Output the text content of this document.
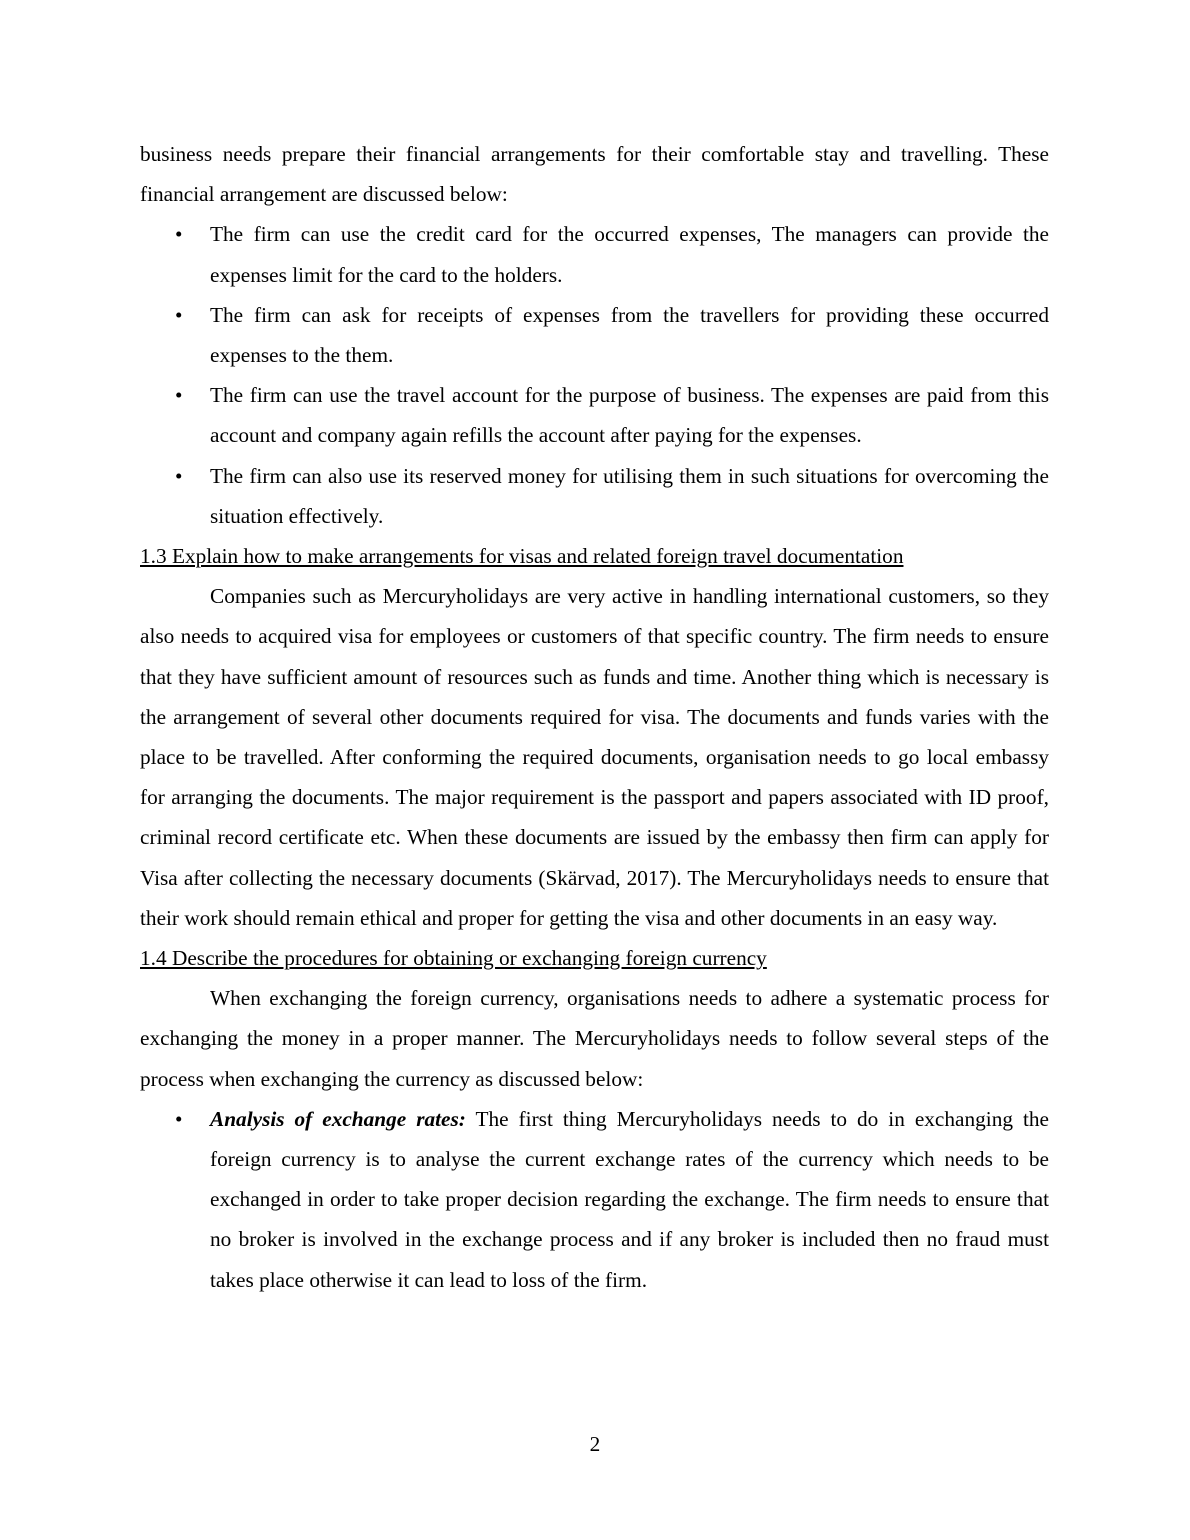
business needs prepare their financial arrangements for their comfortable stay and travelling. These financial arrangement are discussed below:

• The firm can use the credit card for the occurred expenses, The managers can provide the expenses limit for the card to the holders.
• The firm can ask for receipts of expenses from the travellers for providing these occurred expenses to the them.
• The firm can use the travel account for the purpose of business. The expenses are paid from this account and company again refills the account after paying for the expenses.
• The firm can also use its reserved money for utilising them in such situations for overcoming the situation effectively.

1.3 Explain how to make arrangements for visas and related foreign travel documentation

Companies such as Mercuryholidays are very active in handling international customers, so they also needs to acquired visa for employees or customers of that specific country. The firm needs to ensure that they have sufficient amount of resources such as funds and time. Another thing which is necessary is the arrangement of several other documents required for visa. The documents and funds varies with the place to be travelled. After conforming the required documents, organisation needs to go local embassy for arranging the documents. The major requirement is the passport and papers associated with ID proof, criminal record certificate etc. When these documents are issued by the embassy then firm can apply for Visa after collecting the necessary documents (Skärvad, 2017). The Mercuryholidays needs to ensure that their work should remain ethical and proper for getting the visa and other documents in an easy way.

1.4 Describe the procedures for obtaining or exchanging foreign currency

When exchanging the foreign currency, organisations needs to adhere a systematic process for exchanging the money in a proper manner. The Mercuryholidays needs to follow several steps of the process when exchanging the currency as discussed below:

• Analysis of exchange rates: The first thing Mercuryholidays needs to do in exchanging the foreign currency is to analyse the current exchange rates of the currency which needs to be exchanged in order to take proper decision regarding the exchange. The firm needs to ensure that no broker is involved in the exchange process and if any broker is included then no fraud must takes place otherwise it can lead to loss of the firm.
2
